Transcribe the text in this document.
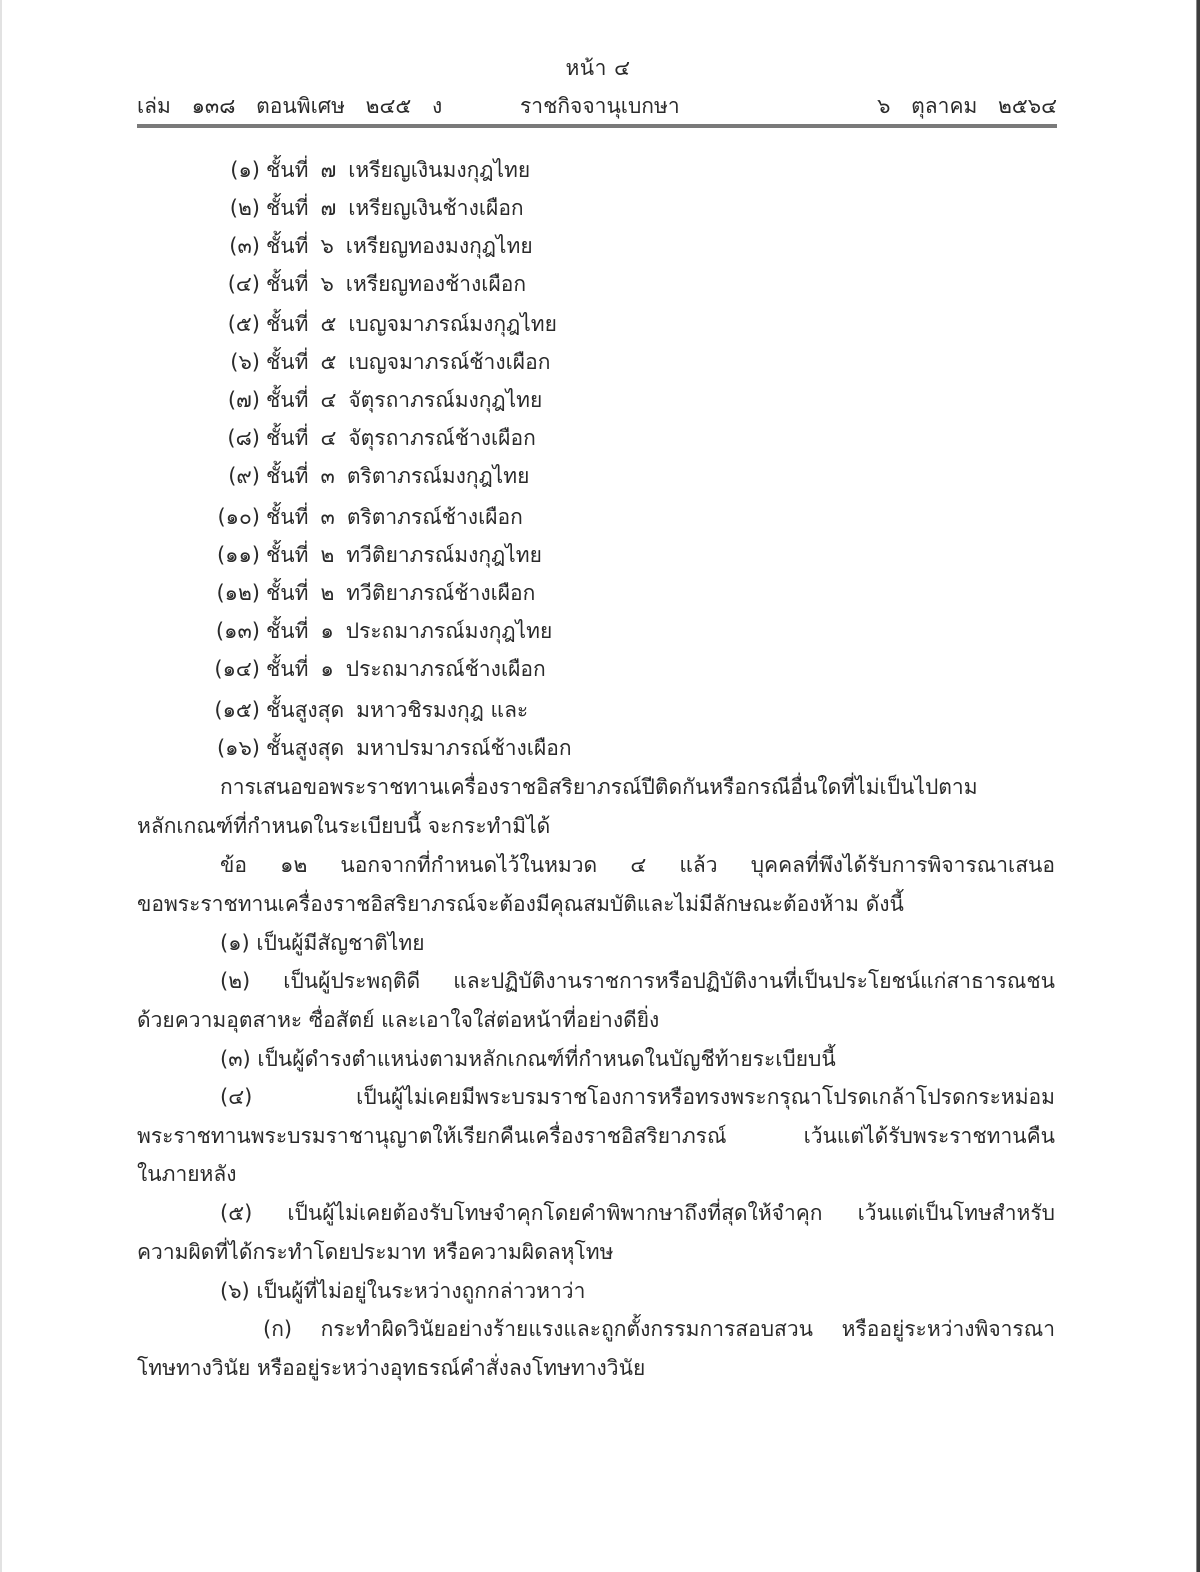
หน้า ๔
เล่ม ๑๓๘ ตอนพิเศษ ๒๔๕ ง	ราชกิจจานุเบกษา	๖ ตุลาคม ๒๕๖๔
(๑) ชั้นที่ ๗ เหรียญเงินมงกุฎไทย
(๒) ชั้นที่ ๗ เหรียญเงินช้างเผือก
(๓) ชั้นที่ ๖ เหรียญทองมงกุฎไทย
(๔) ชั้นที่ ๖ เหรียญทองช้างเผือก
(๕) ชั้นที่ ๕ เบญจมาภรณ์มงกุฎไทย
(๖) ชั้นที่ ๕ เบญจมาภรณ์ช้างเผือก
(๗) ชั้นที่ ๔ จัตุรถาภรณ์มงกุฎไทย
(๘) ชั้นที่ ๔ จัตุรถาภรณ์ช้างเผือก
(๙) ชั้นที่ ๓ ตริตาภรณ์มงกุฎไทย
(๑๐) ชั้นที่ ๓ ตริตาภรณ์ช้างเผือก
(๑๑) ชั้นที่ ๒ ทวีติยาภรณ์มงกุฎไทย
(๑๒) ชั้นที่ ๒ ทวีติยาภรณ์ช้างเผือก
(๑๓) ชั้นที่ ๑ ประถมาภรณ์มงกุฎไทย
(๑๔) ชั้นที่ ๑ ประถมาภรณ์ช้างเผือก
(๑๕) ชั้นสูงสุด มหาวชิรมงกุฎ และ
(๑๖) ชั้นสูงสุด มหาปรมาภรณ์ช้างเผือก
การเสนอขอพระราชทานเครื่องราชอิสริยาภรณ์ปีติดกันหรือกรณีอื่นใดที่ไม่เป็นไปตาม
หลักเกณฑ์ที่กำหนดในระเบียบนี้ จะกระทำมิได้
ข้อ ๑๒ นอกจากที่กำหนดไว้ในหมวด ๔ แล้ว บุคคลที่พึงได้รับการพิจารณาเสนอ
ขอพระราชทานเครื่องราชอิสริยาภรณ์จะต้องมีคุณสมบัติและไม่มีลักษณะต้องห้าม ดังนี้
(๑) เป็นผู้มีสัญชาติไทย
(๒) เป็นผู้ประพฤติดี และปฏิบัติงานราชการหรือปฏิบัติงานที่เป็นประโยชน์แก่สาธารณชน
ด้วยความอุตสาหะ ซื่อสัตย์ และเอาใจใส่ต่อหน้าที่อย่างดียิ่ง
(๓) เป็นผู้ดำรงตำแหน่งตามหลักเกณฑ์ที่กำหนดในบัญชีท้ายระเบียบนี้
(๔) เป็นผู้ไม่เคยมีพระบรมราชโองการหรือทรงพระกรุณาโปรดเกล้าโปรดกระหม่อม
พระราชทานพระบรมราชานุญาตให้เรียกคืนเครื่องราชอิสริยาภรณ์ เว้นแต่ได้รับพระราชทานคืน
ในภายหลัง
(๕) เป็นผู้ไม่เคยต้องรับโทษจำคุกโดยคำพิพากษาถึงที่สุดให้จำคุก เว้นแต่เป็นโทษสำหรับ
ความผิดที่ได้กระทำโดยประมาท หรือความผิดลหุโทษ
(๖) เป็นผู้ที่ไม่อยู่ในระหว่างถูกกล่าวหาว่า
(ก) กระทำผิดวินัยอย่างร้ายแรงและถูกตั้งกรรมการสอบสวน หรืออยู่ระหว่างพิจารณา
โทษทางวินัย หรืออยู่ระหว่างอุทธรณ์คำสั่งลงโทษทางวินัย
